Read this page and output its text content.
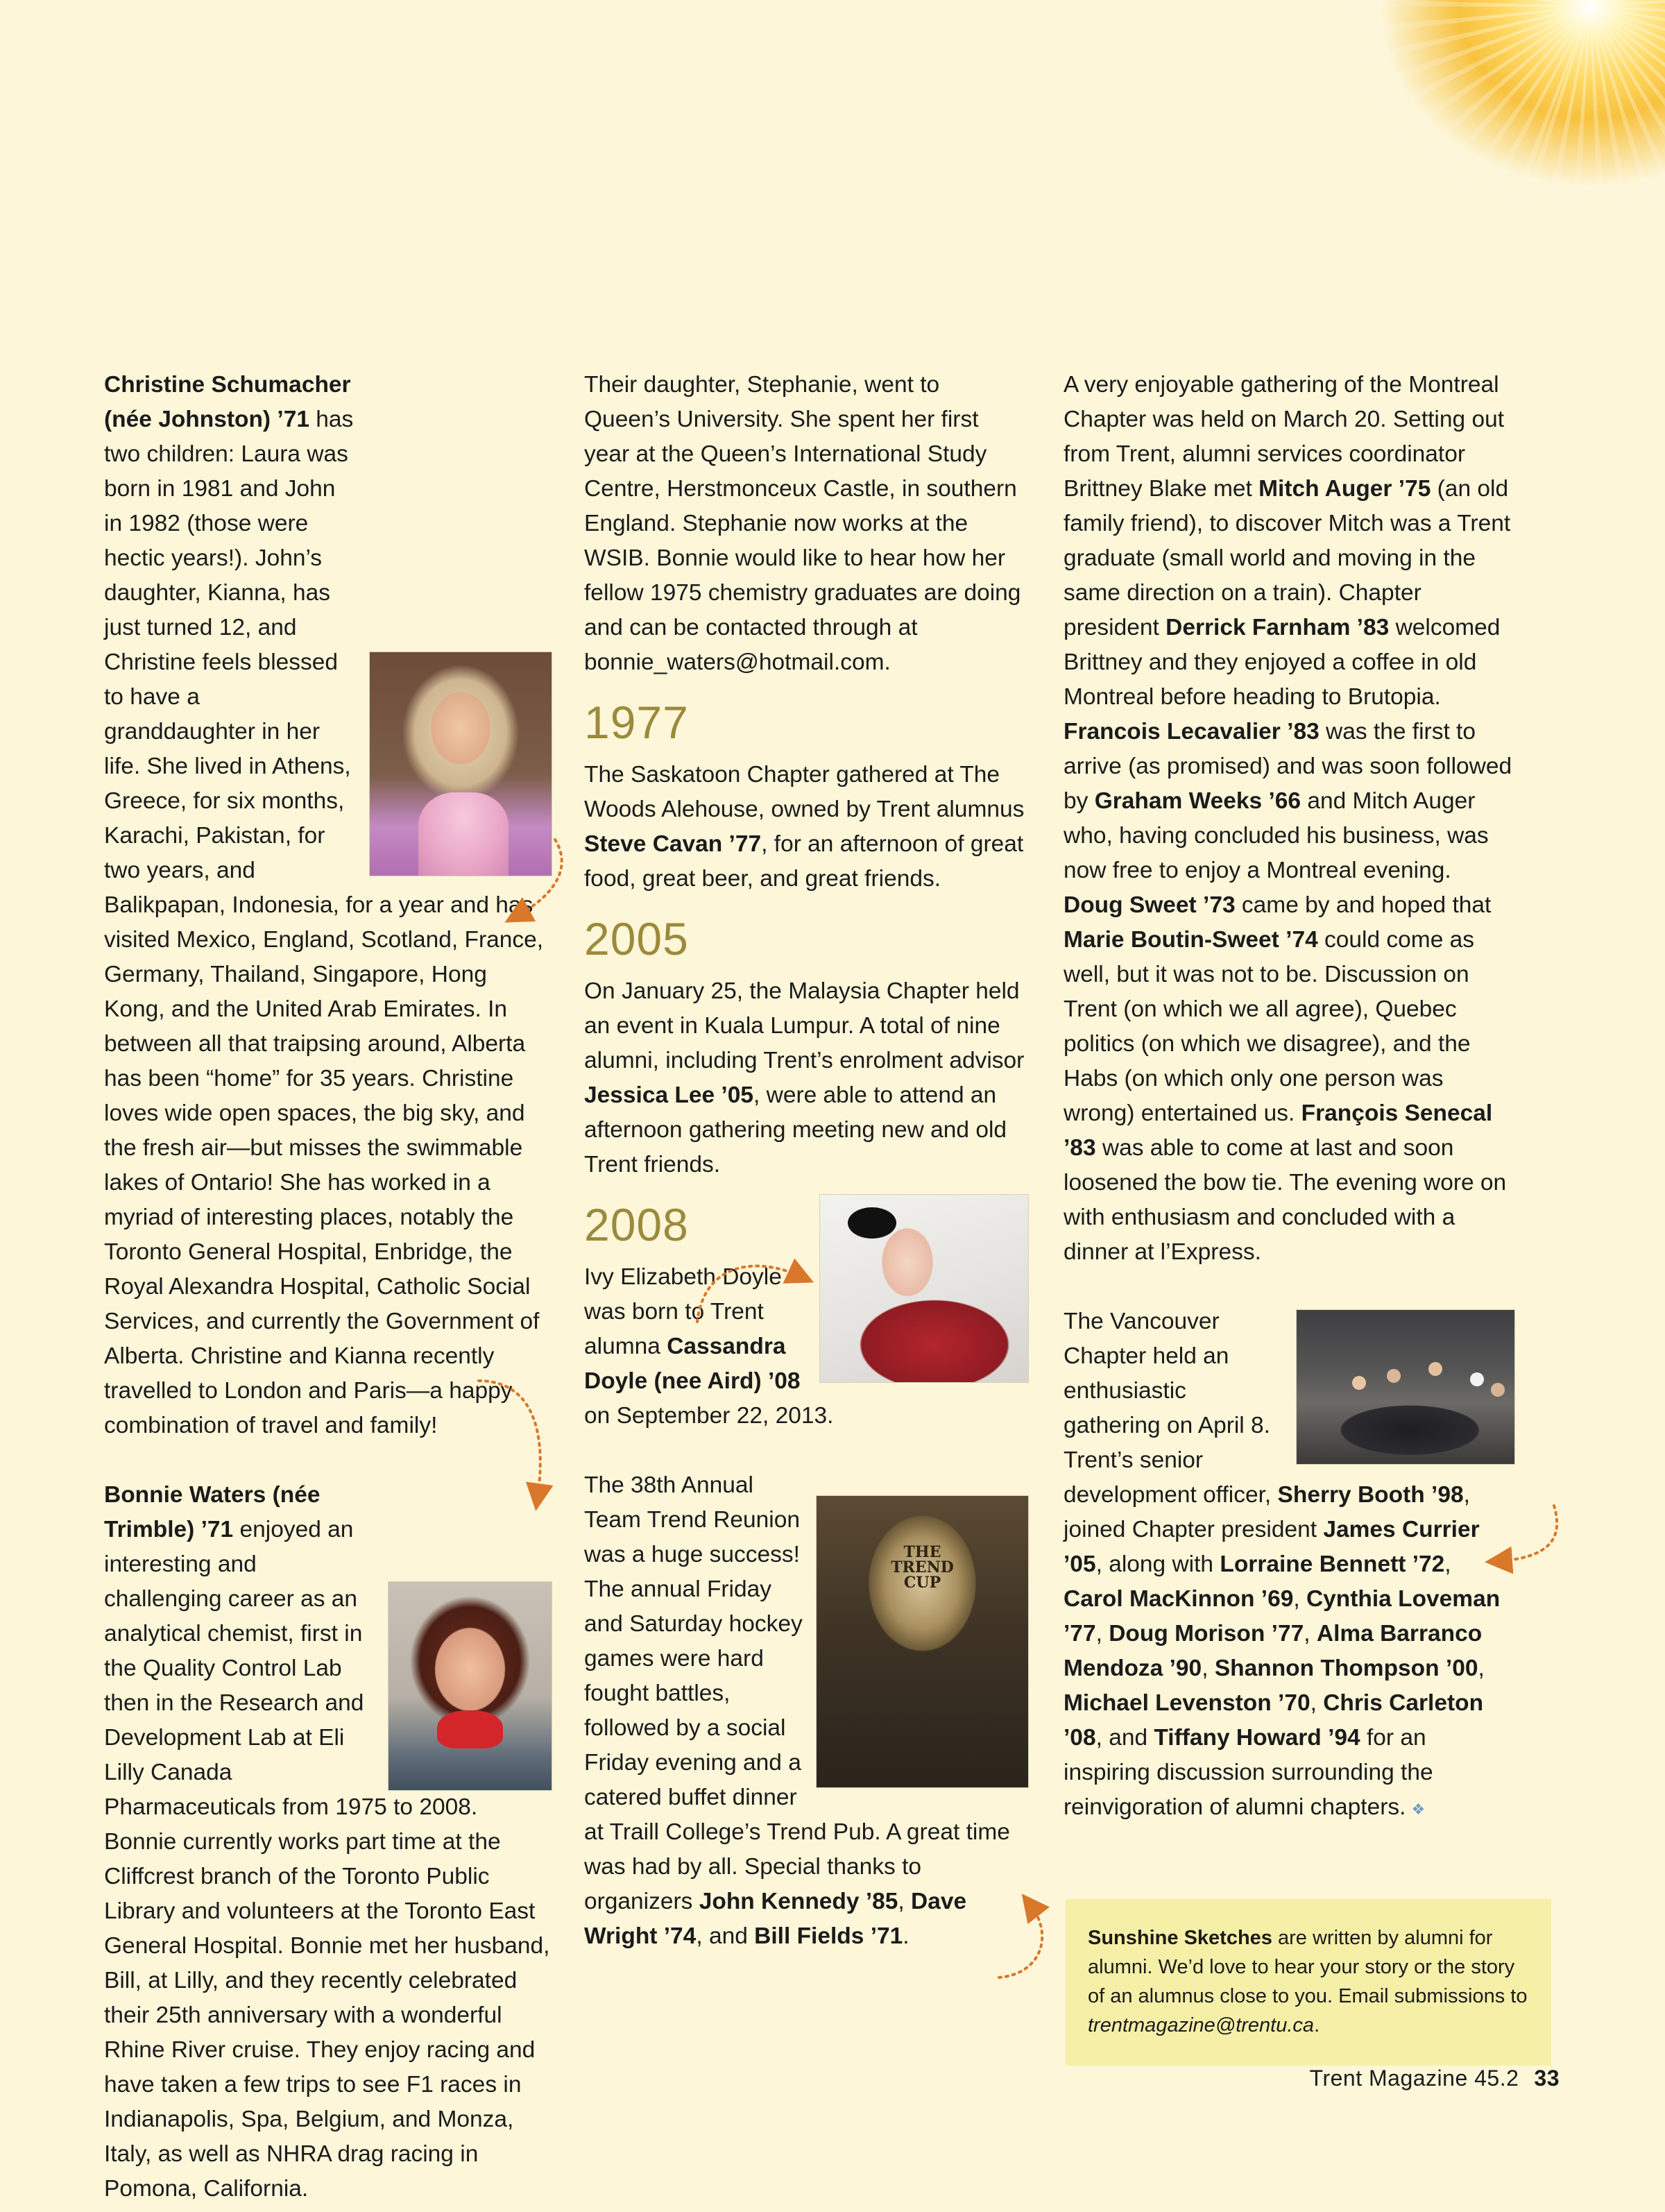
Christine Schumacher (née Johnston) ’71 has two children: Laura was born in 1981 and John in 1982 (those were hectic years!). John’s daughter, Kianna, has just turned 12, and Christine feels blessed to have a granddaughter in her life. She lived in Athens, Greece, for six months, Karachi, Pakistan, for two years, and Balikpapan, Indonesia, for a year and has visited Mexico, England, Scotland, France, Germany, Thailand, Singapore, Hong Kong, and the United Arab Emirates. In between all that traipsing around, Alberta has been “home” for 35 years. Christine loves wide open spaces, the big sky, and the fresh air—but misses the swimmable lakes of Ontario! She has worked in a myriad of interesting places, notably the Toronto General Hospital, Enbridge, the Royal Alexandra Hospital, Catholic Social Services, and currently the Government of Alberta. Christine and Kianna recently travelled to London and Paris—a happy combination of travel and family!

Bonnie Waters (née Trimble) ’71 enjoyed an interesting and challenging career as an analytical chemist, first in the Quality Control Lab then in the Research and Development Lab at Eli Lilly Canada Pharmaceuticals from 1975 to 2008. Bonnie currently works part time at the Cliffcrest branch of the Toronto Public Library and volunteers at the Toronto East General Hospital. Bonnie met her husband, Bill, at Lilly, and they recently celebrated their 25th anniversary with a wonderful Rhine River cruise. They enjoy racing and have taken a few trips to see F1 races in Indianapolis, Spa, Belgium, and Monza, Italy, as well as NHRA drag racing in Pomona, California.

Their daughter, Stephanie, went to Queen’s University. She spent her first year at the Queen’s International Study Centre, Herstmonceux Castle, in southern England. Stephanie now works at the WSIB. Bonnie would like to hear how her fellow 1975 chemistry graduates are doing and can be contacted through at bonnie_waters@hotmail.com.

1977

The Saskatoon Chapter gathered at The Woods Alehouse, owned by Trent alumnus Steve Cavan ’77, for an afternoon of great food, great beer, and great friends.

2005

On January 25, the Malaysia Chapter held an event in Kuala Lumpur. A total of nine alumni, including Trent’s enrolment advisor Jessica Lee ’05, were able to attend an afternoon gathering meeting new and old Trent friends.

2008

Ivy Elizabeth Doyle was born to Trent alumna Cassandra Doyle (nee Aird) ’08 on September 22, 2013.

THE TREND CUP

The 38th Annual Team Trend Reunion was a huge success! The annual Friday and Saturday hockey games were hard fought battles, followed by a social Friday evening and a catered buffet dinner at Traill College’s Trend Pub. A great time was had by all. Special thanks to organizers John Kennedy ’85, Dave Wright ’74, and Bill Fields ’71.

A very enjoyable gathering of the Montreal Chapter was held on March 20. Setting out from Trent, alumni services coordinator Brittney Blake met Mitch Auger ’75 (an old family friend), to discover Mitch was a Trent graduate (small world and moving in the same direction on a train). Chapter president Derrick Farnham ’83 welcomed Brittney and they enjoyed a coffee in old Montreal before heading to Brutopia. Francois Lecavalier ’83 was the first to arrive (as promised) and was soon followed by Graham Weeks ’66 and Mitch Auger who, having concluded his business, was now free to enjoy a Montreal evening. Doug Sweet ’73 came by and hoped that Marie Boutin-Sweet ’74 could come as well, but it was not to be. Discussion on Trent (on which we all agree), Quebec politics (on which we disagree), and the Habs (on which only one person was wrong) entertained us. François Senecal ’83 was able to come at last and soon loosened the bow tie. The evening wore on with enthusiasm and concluded with a dinner at l’Express.

The Vancouver Chapter held an enthusiastic gathering on April 8. Trent’s senior development officer, Sherry Booth ’98, joined Chapter president James Currier ’05, along with Lorraine Bennett ’72, Carol MacKinnon ’69, Cynthia Loveman ’77, Doug Morison ’77, Alma Barranco Mendoza ’90, Shannon Thompson ’00, Michael Levenston ’70, Chris Carleton ’08, and Tiffany Howard ’94 for an inspiring discussion surrounding the reinvigoration of alumni chapters. ❖

Sunshine Sketches are written by alumni for alumni. We’d love to hear your story or the story of an alumnus close to you. Email submissions to trentmagazine@trentu.ca.
Trent Magazine 45.2 33
